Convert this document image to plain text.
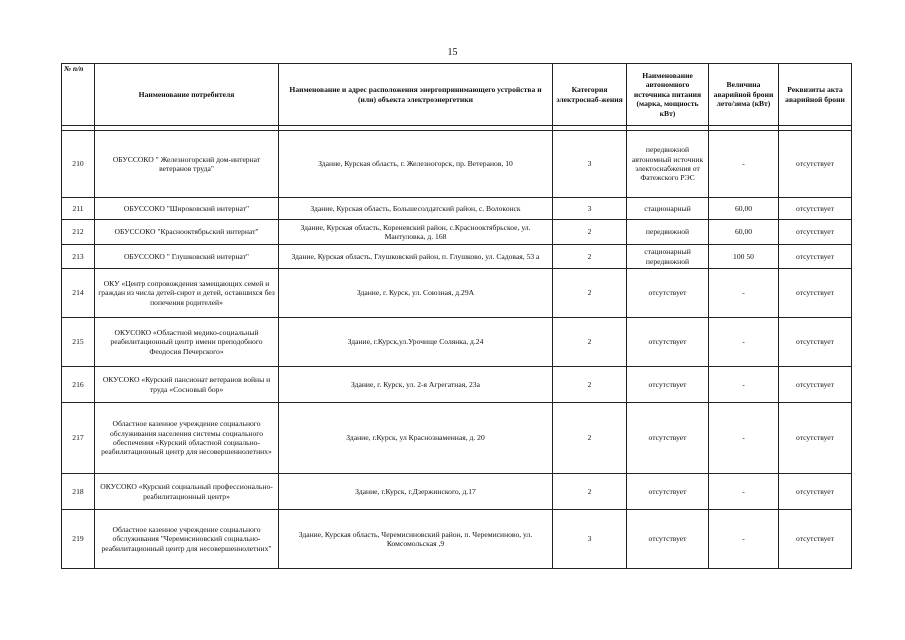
15
№ п/п	Наименование потребителя	Наименование и адрес расположения энергопринимающего устройства и (или) объекта электроэнергетики	Категория электроснаб-жения	Наименование автономного источника питания (марка, мощность кВт)	Величина аварийной брони лето/зима (кВт)	Реквизиты акта аварийной брони

210	ОБУССОКО " Железногорский дом-интернат ветеранов труда"	Здание, Курская область, г. Железногорск, пр. Ветеранов, 10	3	передвижной автономный источник электоснабжения от Фатежского РЭС	-	отсутствует
211	ОБУССОКО "Широковский интернат"	Здание, Курская область, Большесолдатский район, с. Волоконск	3	стационарный	60,00	отсутствует
212	ОБУССОКО "Краснооктябрьский интернат"	Здание, Курская область, Кореневский район, с.Краснооктябрьское, ул. Мантуловка, д. 168	2	передвижной	60,00	отсутствует
213	ОБУССОКО " Глушковский интернат"	Здание, Курская область, Глушковский район, п. Глушково, ул. Садовая, 53 а	2	стационарный передвижной	100 50	отсутствует
214	ОКУ «Центр сопровождения замещающих семей и граждан из числа детей-сирот и детей, оставшихся без попечения родителей»	Здание, г. Курск, ул. Союзная, д.29А	2	отсутствует	-	отсутствует
215	ОКУСОКО «Областной медико-социальный реабилитационный центр имени преподобного Феодосия Печерского»	Здание, г.Курск,ул.Урочище Солянка, д.24	2	отсутствует	-	отсутствует
216	ОКУСОКО «Курский пансионат ветеранов войны и труда «Сосновый бор»	Здание, г. Курск, ул. 2-я Агрегатная, 23а	2	отсутствует	-	отсутствует
217	Областное казенное учреждение социального обслуживания населения системы социального обеспечения «Курский областной социально-реабилитационный центр для несовершеннолетних»	Здание, г.Курск, ул Краснознаменная, д. 20	2	отсутствует	-	отсутствует
218	ОКУСОКО «Курский социальный профессионально-реабилитационный центр»	Здание, г.Курск, г.Дзержинского, д.17	2	отсутствует	-	отсутствует
219	Областное казенное учреждение социального обслуживания "Черемисиновский социально-реабилитационный центр для несовершеннолетних"	Здание, Курская область, Черемисиновский район, п. Черемисиново, ул. Комсомольская ,9	3	отсутствует	-	отсутствует
